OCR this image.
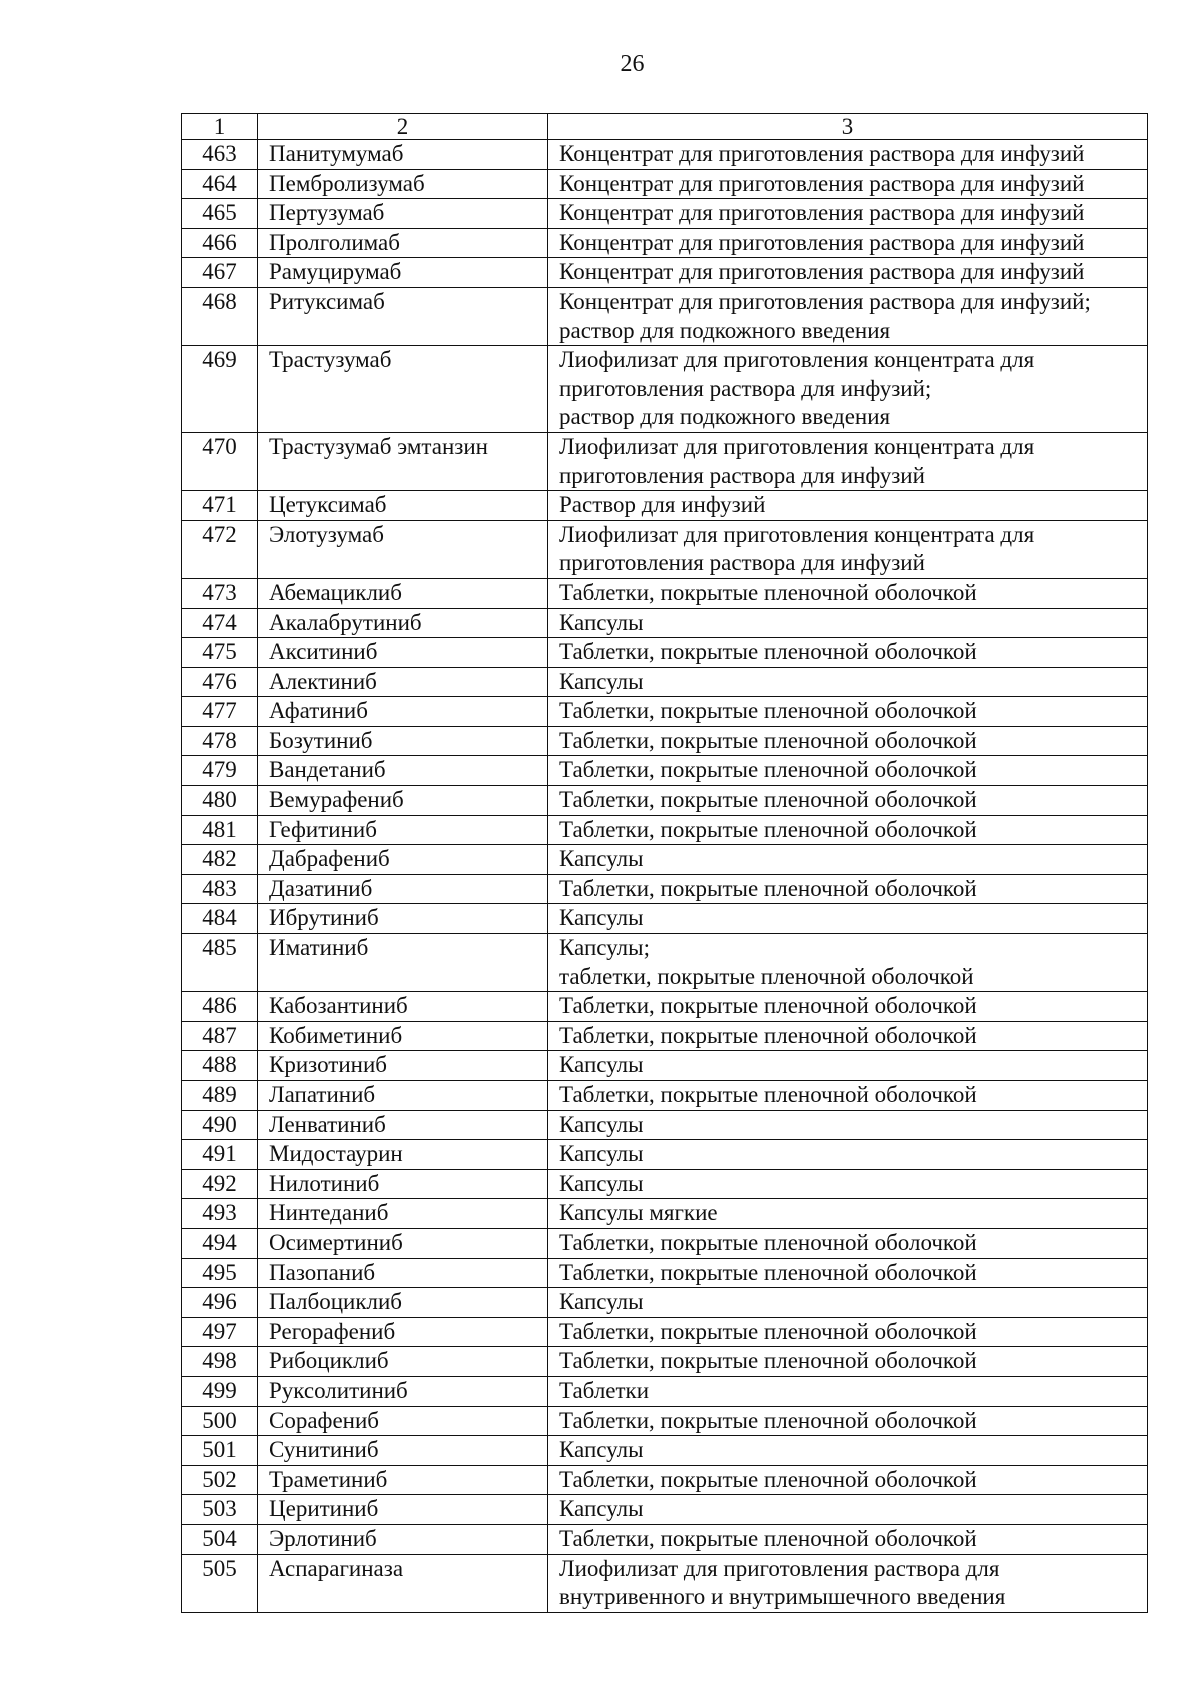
26
1	2	3
463	Панитумумаб	Концентрат для приготовления раствора для инфузий
464	Пембролизумаб	Концентрат для приготовления раствора для инфузий
465	Пертузумаб	Концентрат для приготовления раствора для инфузий
466	Пролголимаб	Концентрат для приготовления раствора для инфузий
467	Рамуцирумаб	Концентрат для приготовления раствора для инфузий
468	Ритуксимаб	Концентрат для приготовления раствора для инфузий;
раствор для подкожного введения
469	Трастузумаб	Лиофилизат для приготовления концентрата для
приготовления раствора для инфузий;
раствор для подкожного введения
470	Трастузумаб эмтанзин	Лиофилизат для приготовления концентрата для
приготовления раствора для инфузий
471	Цетуксимаб	Раствор для инфузий
472	Элотузумаб	Лиофилизат для приготовления концентрата для
приготовления раствора для инфузий
473	Абемациклиб	Таблетки, покрытые пленочной оболочкой
474	Акалабрутиниб	Капсулы
475	Акситиниб	Таблетки, покрытые пленочной оболочкой
476	Алектиниб	Капсулы
477	Афатиниб	Таблетки, покрытые пленочной оболочкой
478	Бозутиниб	Таблетки, покрытые пленочной оболочкой
479	Вандетаниб	Таблетки, покрытые пленочной оболочкой
480	Вемурафениб	Таблетки, покрытые пленочной оболочкой
481	Гефитиниб	Таблетки, покрытые пленочной оболочкой
482	Дабрафениб	Капсулы
483	Дазатиниб	Таблетки, покрытые пленочной оболочкой
484	Ибрутиниб	Капсулы
485	Иматиниб	Капсулы;
таблетки, покрытые пленочной оболочкой
486	Кабозантиниб	Таблетки, покрытые пленочной оболочкой
487	Кобиметиниб	Таблетки, покрытые пленочной оболочкой
488	Кризотиниб	Капсулы
489	Лапатиниб	Таблетки, покрытые пленочной оболочкой
490	Ленватиниб	Капсулы
491	Мидостаурин	Капсулы
492	Нилотиниб	Капсулы
493	Нинтеданиб	Капсулы мягкие
494	Осимертиниб	Таблетки, покрытые пленочной оболочкой
495	Пазопаниб	Таблетки, покрытые пленочной оболочкой
496	Палбоциклиб	Капсулы
497	Регорафениб	Таблетки, покрытые пленочной оболочкой
498	Рибоциклиб	Таблетки, покрытые пленочной оболочкой
499	Руксолитиниб	Таблетки
500	Сорафениб	Таблетки, покрытые пленочной оболочкой
501	Сунитиниб	Капсулы
502	Траметиниб	Таблетки, покрытые пленочной оболочкой
503	Церитиниб	Капсулы
504	Эрлотиниб	Таблетки, покрытые пленочной оболочкой
505	Аспарагиназа	Лиофилизат для приготовления раствора для
внутривенного и внутримышечного введения
